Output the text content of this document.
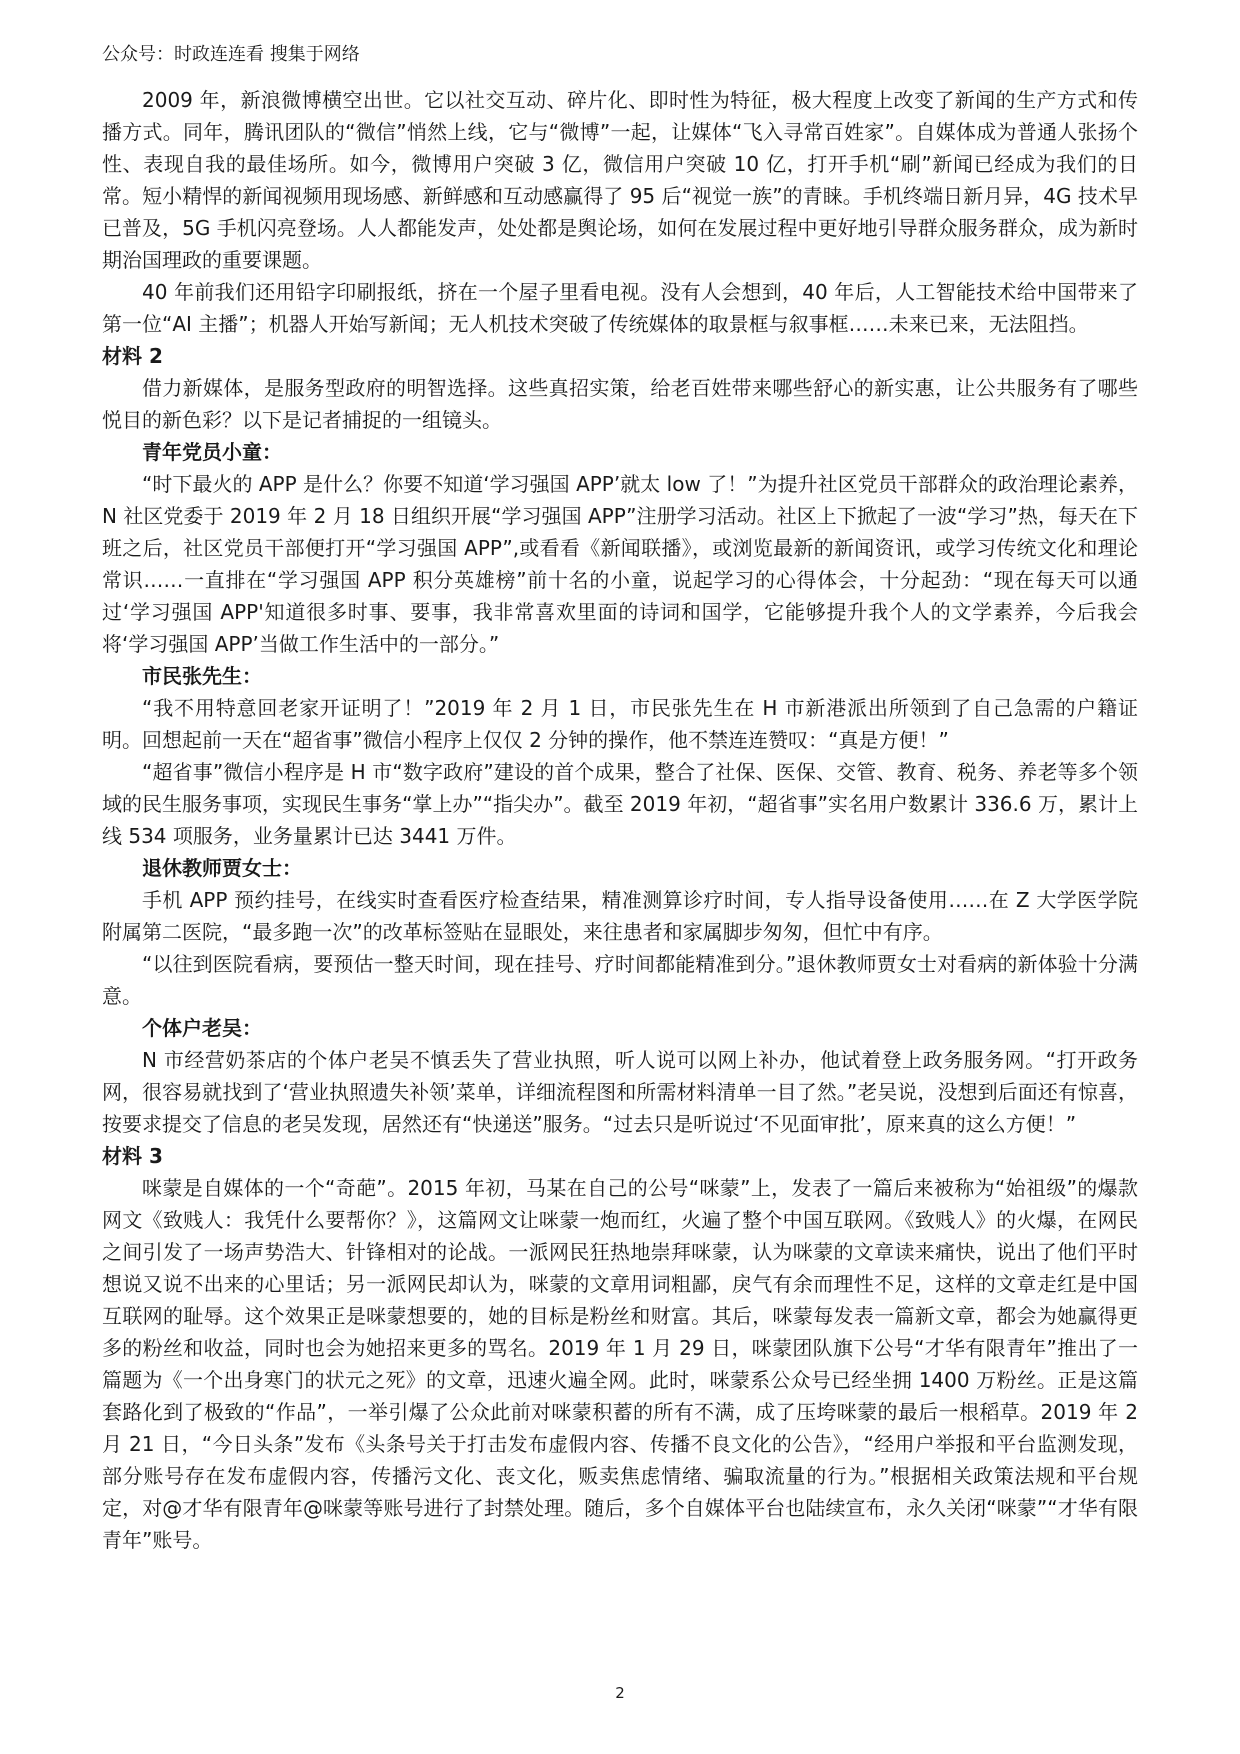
公众号：时政连连看 搜集于网络

2009 年，新浪微博横空出世。它以社交互动、碎片化、即时性为特征，极大程度上改变了新闻的生产方式和传播方式。同年，腾讯团队的“微信”悄然上线，它与“微博”一起，让媒体“飞入寻常百姓家”。自媒体成为普通人张扬个性、表现自我的最佳场所。如今，微博用户突破 3 亿，微信用户突破 10 亿，打开手机“刷”新闻已经成为我们的日常。短小精悍的新闻视频用现场感、新鲜感和互动感赢得了 95 后“视觉一族”的青睐。手机终端日新月异，4G 技术早已普及，5G 手机闪亮登场。人人都能发声，处处都是舆论场，如何在发展过程中更好地引导群众服务群众，成为新时期治国理政的重要课题。

40 年前我们还用铅字印刷报纸，挤在一个屋子里看电视。没有人会想到，40 年后，人工智能技术给中国带来了第一位“AI 主播”；机器人开始写新闻；无人机技术突破了传统媒体的取景框与叙事框……未来已来，无法阻挡。

材料 2

借力新媒体，是服务型政府的明智选择。这些真招实策，给老百姓带来哪些舒心的新实惠，让公共服务有了哪些悦目的新色彩？以下是记者捕捉的一组镜头。

青年党员小童：

“时下最火的 APP 是什么？你要不知道‘学习强国 APP’就太 low 了！”为提升社区党员干部群众的政治理论素养，N 社区党委于 2019 年 2 月 18 日组织开展“学习强国 APP”注册学习活动。社区上下掀起了一波“学习”热，每天在下班之后，社区党员干部便打开“学习强国 APP”,或看看《新闻联播》，或浏览最新的新闻资讯，或学习传统文化和理论常识……一直排在“学习强国 APP 积分英雄榜”前十名的小童，说起学习的心得体会，十分起劲：“现在每天可以通过‘学习强国 APP'知道很多时事、要事，我非常喜欢里面的诗词和国学，它能够提升我个人的文学素养，今后我会将‘学习强国 APP’当做工作生活中的一部分。”

市民张先生：

“我不用特意回老家开证明了！”2019 年 2 月 1 日，市民张先生在 H 市新港派出所领到了自己急需的户籍证明。回想起前一天在“超省事”微信小程序上仅仅 2 分钟的操作，他不禁连连赞叹：“真是方便！”

“超省事”微信小程序是 H 市“数字政府”建设的首个成果，整合了社保、医保、交管、教育、税务、养老等多个领域的民生服务事项，实现民生事务“掌上办”“指尖办”。截至 2019 年初，“超省事”实名用户数累计 336.6 万，累计上线 534 项服务，业务量累计已达 3441 万件。

退休教师贾女士：

手机 APP 预约挂号，在线实时查看医疗检查结果，精准测算诊疗时间，专人指导设备使用……在 Z 大学医学院附属第二医院，“最多跑一次”的改革标签贴在显眼处，来往患者和家属脚步匆匆，但忙中有序。

“以往到医院看病，要预估一整天时间，现在挂号、疗时间都能精准到分。”退休教师贾女士对看病的新体验十分满意。

个体户老吴：

N 市经营奶茶店的个体户老吴不慎丢失了营业执照，听人说可以网上补办，他试着登上政务服务网。“打开政务网，很容易就找到了‘营业执照遗失补领’菜单，详细流程图和所需材料清单一目了然。”老吴说，没想到后面还有惊喜，按要求提交了信息的老吴发现，居然还有“快递送”服务。“过去只是听说过‘不见面审批’，原来真的这么方便！”

材料 3

咪蒙是自媒体的一个“奇葩”。2015 年初，马某在自己的公号“咪蒙”上，发表了一篇后来被称为“始祖级”的爆款网文《致贱人：我凭什么要帮你？》，这篇网文让咪蒙一炮而红，火遍了整个中国互联网。《致贱人》的火爆，在网民之间引发了一场声势浩大、针锋相对的论战。一派网民狂热地崇拜咪蒙，认为咪蒙的文章读来痛快，说出了他们平时想说又说不出来的心里话；另一派网民却认为，咪蒙的文章用词粗鄙，戾气有余而理性不足，这样的文章走红是中国互联网的耻辱。这个效果正是咪蒙想要的，她的目标是粉丝和财富。其后，咪蒙每发表一篇新文章，都会为她赢得更多的粉丝和收益，同时也会为她招来更多的骂名。2019 年 1 月 29 日，咪蒙团队旗下公号“才华有限青年”推出了一篇题为《一个出身寒门的状元之死》的文章，迅速火遍全网。此时，咪蒙系公众号已经坐拥 1400 万粉丝。正是这篇套路化到了极致的“作品”，一举引爆了公众此前对咪蒙积蓄的所有不满，成了压垮咪蒙的最后一根稻草。2019 年 2 月 21 日，“今日头条”发布《头条号关于打击发布虚假内容、传播不良文化的公告》，“经用户举报和平台监测发现，部分账号存在发布虚假内容，传播污文化、丧文化，贩卖焦虑情绪、骗取流量的行为。”根据相关政策法规和平台规定，对@才华有限青年@咪蒙等账号进行了封禁处理。随后，多个自媒体平台也陆续宣布，永久关闭“咪蒙”“才华有限青年”账号。

2
